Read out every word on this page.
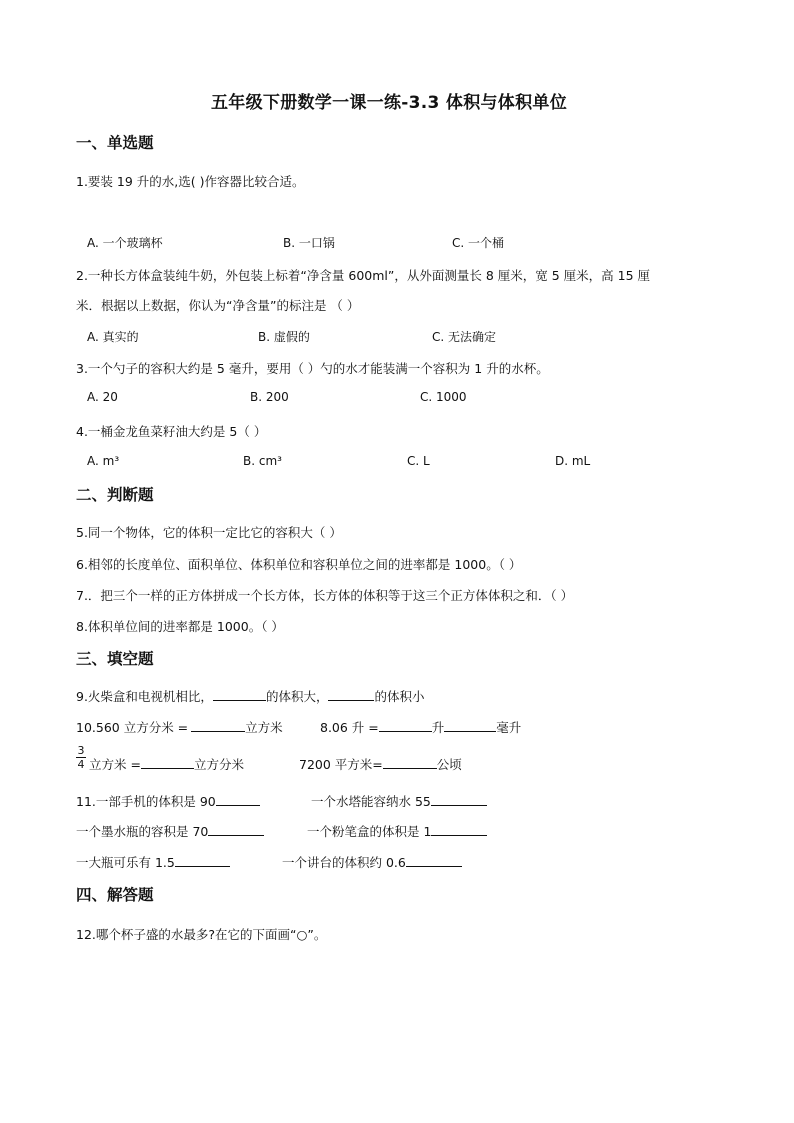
五年级下册数学一课一练-3.3 体积与体积单位
一、单选题
1.要装 19 升的水,选( )作容器比较合适。
A. 一个玻璃杯	B. 一口锅	C. 一个桶
2.一种长方体盒装纯牛奶，外包装上标着“净含量 600ml”，从外面测量长 8 厘米，宽 5 厘米，高 15 厘
米．根据以上数据，你认为“净含量”的标注是 （ ）
A. 真实的	B. 虚假的	C. 无法确定
3.一个勺子的容积大约是 5 毫升，要用（ ）勺的水才能装满一个容积为 1 升的水杯。
A. 20	B. 200	C. 1000
4.一桶金龙鱼菜籽油大约是 5（ ）
A. m³	B. cm³	C. L	D. mL
二、判断题
5.同一个物体，它的体积一定比它的容积大（ ）
6.相邻的长度单位、面积单位、体积单位和容积单位之间的进率都是 1000。（ ）
7.．把三个一样的正方体拼成一个长方体，长方体的体积等于这三个正方体体积之和．（ ）
8.体积单位间的进率都是 1000。（ ）
三、填空题
9.火柴盒和电视机相比，	的体积大，	的体积小
10.560 立方分米 =	立方米	8.06 升 =	升	毫升
3
4 立方米 =	立方分米	7200 平方米=	公顷
11.一部手机的体积是 90	一个水塔能容纳水 55
一个墨水瓶的容积是 70	一个粉笔盒的体积是 1
一大瓶可乐有 1.5	一个讲台的体积约 0.6
四、解答题
12.哪个杯子盛的水最多?在它的下面画“○”。
